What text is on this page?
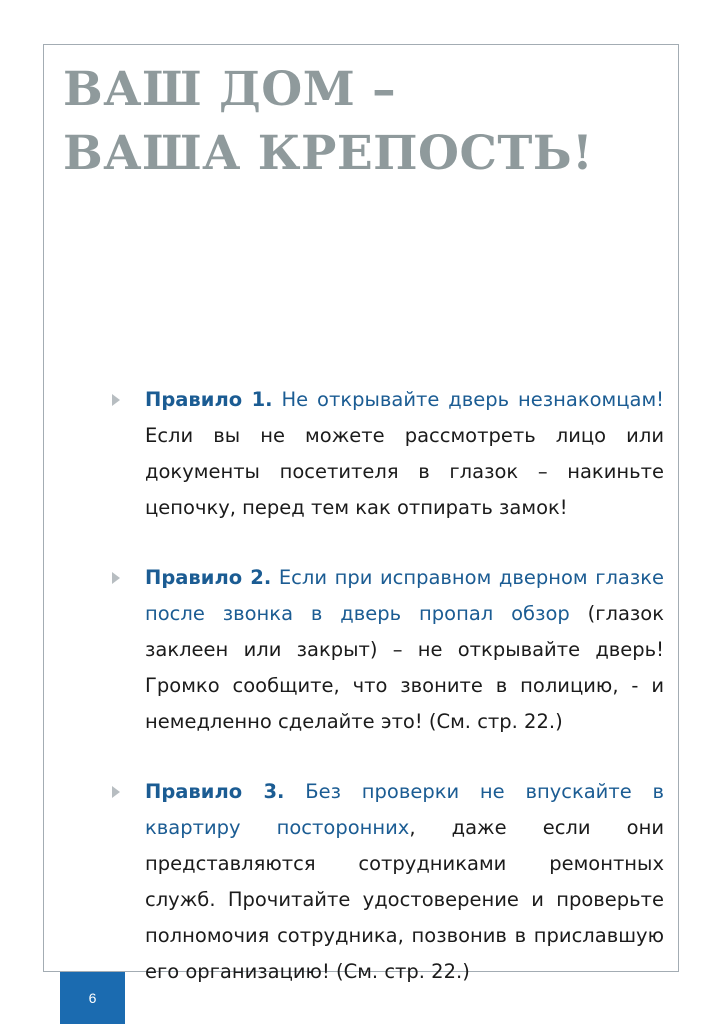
ВАШ ДОМ –
ВАША КРЕПОСТЬ!

Правило 1. Не открывайте дверь незнакомцам! Если вы не можете рассмотреть лицо или документы посетителя в глазок – накиньте цепочку, перед тем как отпирать замок!

Правило 2. Если при исправном дверном глазке после звонка в дверь пропал обзор (глазок заклеен или закрыт) – не открывайте дверь! Громко сообщите, что звоните в полицию, - и немедленно сделайте это! (См. стр. 22.)

Правило 3. Без проверки не впускайте в квартиру посторонних, даже если они представляются сотрудниками ремонтных служб. Прочитайте удостоверение и проверьте полномочия сотрудника, позвонив в приславшую его организацию! (См. стр. 22.)

6
